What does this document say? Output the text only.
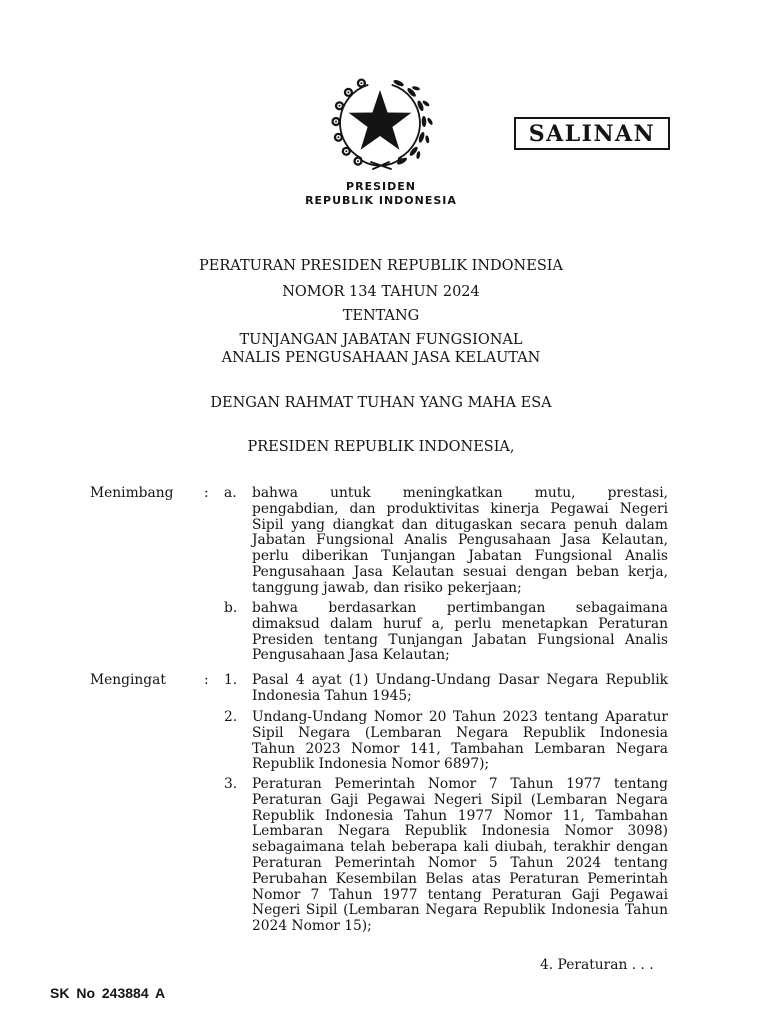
SALINAN
PRESIDEN
REPUBLIK INDONESIA
PERATURAN PRESIDEN REPUBLIK INDONESIA
NOMOR 134 TAHUN 2024
TENTANG
TUNJANGAN JABATAN FUNGSIONAL
ANALIS PENGUSAHAAN JASA KELAUTAN
DENGAN RAHMAT TUHAN YANG MAHA ESA
PRESIDEN REPUBLIK INDONESIA,
Menimbang : a. bahwa untuk meningkatkan mutu, prestasi,
pengabdian, dan produktivitas kinerja Pegawai Negeri
Sipil yang diangkat dan ditugaskan secara penuh dalam
Jabatan Fungsional Analis Pengusahaan Jasa Kelautan,
perlu diberikan Tunjangan Jabatan Fungsional Analis
Pengusahaan Jasa Kelautan sesuai dengan beban kerja,
tanggung jawab, dan risiko pekerjaan;
b. bahwa berdasarkan pertimbangan sebagaimana
dimaksud dalam huruf a, perlu menetapkan Peraturan
Presiden tentang Tunjangan Jabatan Fungsional Analis
Pengusahaan Jasa Kelautan;
Mengingat	: 1. Pasal 4 ayat (1) Undang-Undang Dasar Negara Republik
Indonesia Tahun 1945;
2. Undang-Undang Nomor 20 Tahun 2023 tentang Aparatur
Sipil Negara (Lembaran Negara Republik Indonesia
Tahun 2023 Nomor 141, Tambahan Lembaran Negara
Republik Indonesia Nomor 6897);
3. Peraturan Pemerintah Nomor 7 Tahun 1977 tentang
Peraturan Gaji Pegawai Negeri Sipil (Lembaran Negara
Republik Indonesia Tahun 1977 Nomor 11, Tambahan
Lembaran Negara Republik Indonesia Nomor 3098)
sebagaimana telah beberapa kali diubah, terakhir dengan
Peraturan Pemerintah Nomor 5 Tahun 2024 tentang
Perubahan Kesembilan Belas atas Peraturan Pemerintah
Nomor 7 Tahun 1977 tentang Peraturan Gaji Pegawai
Negeri Sipil (Lembaran Negara Republik Indonesia Tahun
2024 Nomor 15);
4. Peraturan . . .
SK No 243884 A
